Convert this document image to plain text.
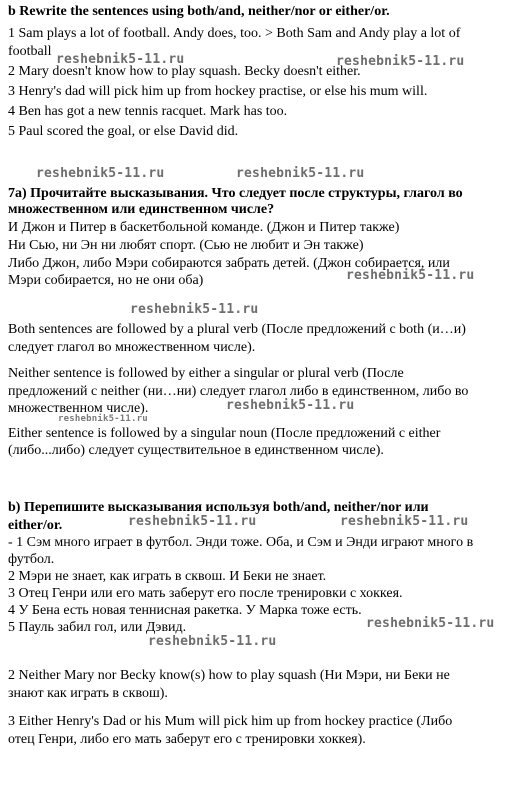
b Rewrite the sentences using both/and, neither/nor or either/or.
1 Sam plays a lot of football. Andy does, too. > Both Sam and Andy play a lot of
football
2 Mary doesn't know how to play squash. Becky doesn't either.
3 Henry's dad will pick him up from hockey practise, or else his mum will.
4 Ben has got a new tennis racquet. Mark has too.
5 Paul scored the goal, or else David did.
7a) Прочитайте высказывания. Что следует после структуры, глагол во
множественном или единственном числе?
И Джон и Питер в баскетбольной команде. (Джон и Питер также)
Ни Сью, ни Эн ни любят спорт. (Сью не любит и Эн также)
Либо Джон, либо Мэри собираются забрать детей. (Джон собирается, или
Мэри собирается, но не они оба)
Both sentences are followed by a plural verb (После предложений с both (и…и)
следует глагол во множественном числе).
Neither sentence is followed by either a singular or plural verb (После
предложений с neither (ни…ни) следует глагол либо в единственном, либо во
множественном числе).
Either sentence is followed by a singular noun (После предложений с either
(либо...либо) следует существительное в единственном числе).
b) Перепишите высказывания используя both/and, neither/nor или
either/or.
- 1 Сэм много играет в футбол. Энди тоже. Оба, и Сэм и Энди играют много в
футбол.
2 Мэри не знает, как играть в сквош. И Беки не знает.
3 Отец Генри или его мать заберут его после тренировки с хоккея.
4 У Бена есть новая теннисная ракетка. У Марка тоже есть.
5 Пауль забил гол, или Дэвид.
2 Neither Mary nor Becky know(s) how to play squash (Ни Мэри, ни Беки не
знают как играть в сквош).
3 Either Henry's Dad or his Mum will pick him up from hockey practice (Либо
отец Генри, либо его мать заберут его с тренировки хоккея).
reshebnik5-11.ru	reshebnik5-11.ru
reshebnik5-11.ru	reshebnik5-11.ru
reshebnik5-11.ru
reshebnik5-11.ru
reshebnik5-11.ru
reshebnik5-11.ru
reshebnik5-11.ru	reshebnik5-11.ru
reshebnik5-11.ru
reshebnik5-11.ru
